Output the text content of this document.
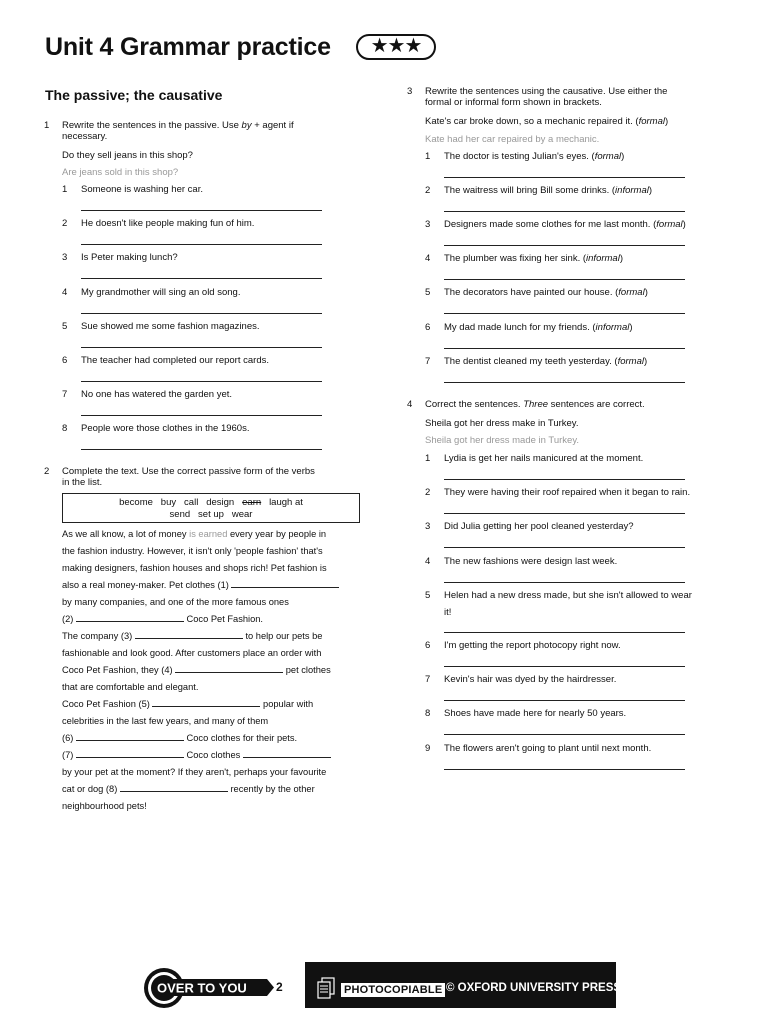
Unit 4 Grammar practice	★★★
The passive; the causative
1 Rewrite the sentences in the passive. Use by + agent if
necessary.
Do they sell jeans in this shop?
Are jeans sold in this shop?
1 Someone is washing her car.
2 He doesn't like people making fun of him.
3 Is Peter making lunch?
4 My grandmother will sing an old song.
5 Sue showed me some fashion magazines.
6 The teacher had completed our report cards.
7 No one has watered the garden yet.
8 People wore those clothes in the 1960s.
2 Complete the text. Use the correct passive form of the verbs
in the list.
become   buy   call   design   earn   laugh at
send   set up   wear
As we all know, a lot of money is earned every year by people in
the fashion industry. However, it isn't only 'people fashion' that's
making designers, fashion houses and shops rich! Pet fashion is
also a real money-maker. Pet clothes (1)
by many companies, and one of the more famous ones
(2)	Coco Pet Fashion.
The company (3)	to help our pets be
fashionable and look good. After customers place an order with
Coco Pet Fashion, they (4)	pet clothes
that are comfortable and elegant.
Coco Pet Fashion (5)	popular with
celebrities in the last few years, and many of them
(6)	Coco clothes for their pets.
(7)	Coco clothes
by your pet at the moment? If they aren't, perhaps your favourite
cat or dog (8)	recently by the other
neighbourhood pets!
3 Rewrite the sentences using the causative. Use either the
formal or informal form shown in brackets.
Kate's car broke down, so a mechanic repaired it. (formal)
Kate had her car repaired by a mechanic.
1 The doctor is testing Julian's eyes. (formal)
2 The waitress will bring Bill some drinks. (informal)
3 Designers made some clothes for me last month. (formal)
4 The plumber was fixing her sink. (informal)
5 The decorators have painted our house. (formal)
6 My dad made lunch for my friends. (informal)
7 The dentist cleaned my teeth yesterday. (formal)
4 Correct the sentences. Three sentences are correct.
Sheila got her dress make in Turkey.
Sheila got her dress made in Turkey.
1 Lydia is get her nails manicured at the moment.
2 They were having their roof repaired when it began to rain.
3 Did Julia getting her pool cleaned yesterday?
4 The new fashions were design last week.
5 Helen had a new dress made, but she isn't allowed to wear
it!
6 I'm getting the report photocopy right now.
7 Kevin's hair was dyed by the hairdresser.
8 Shoes have made here for nearly 50 years.
9 The flowers aren't going to plant until next month.
OVER TO YOU 2	PHOTOCOPIABLE © OXFORD UNIVERSITY PRESS
